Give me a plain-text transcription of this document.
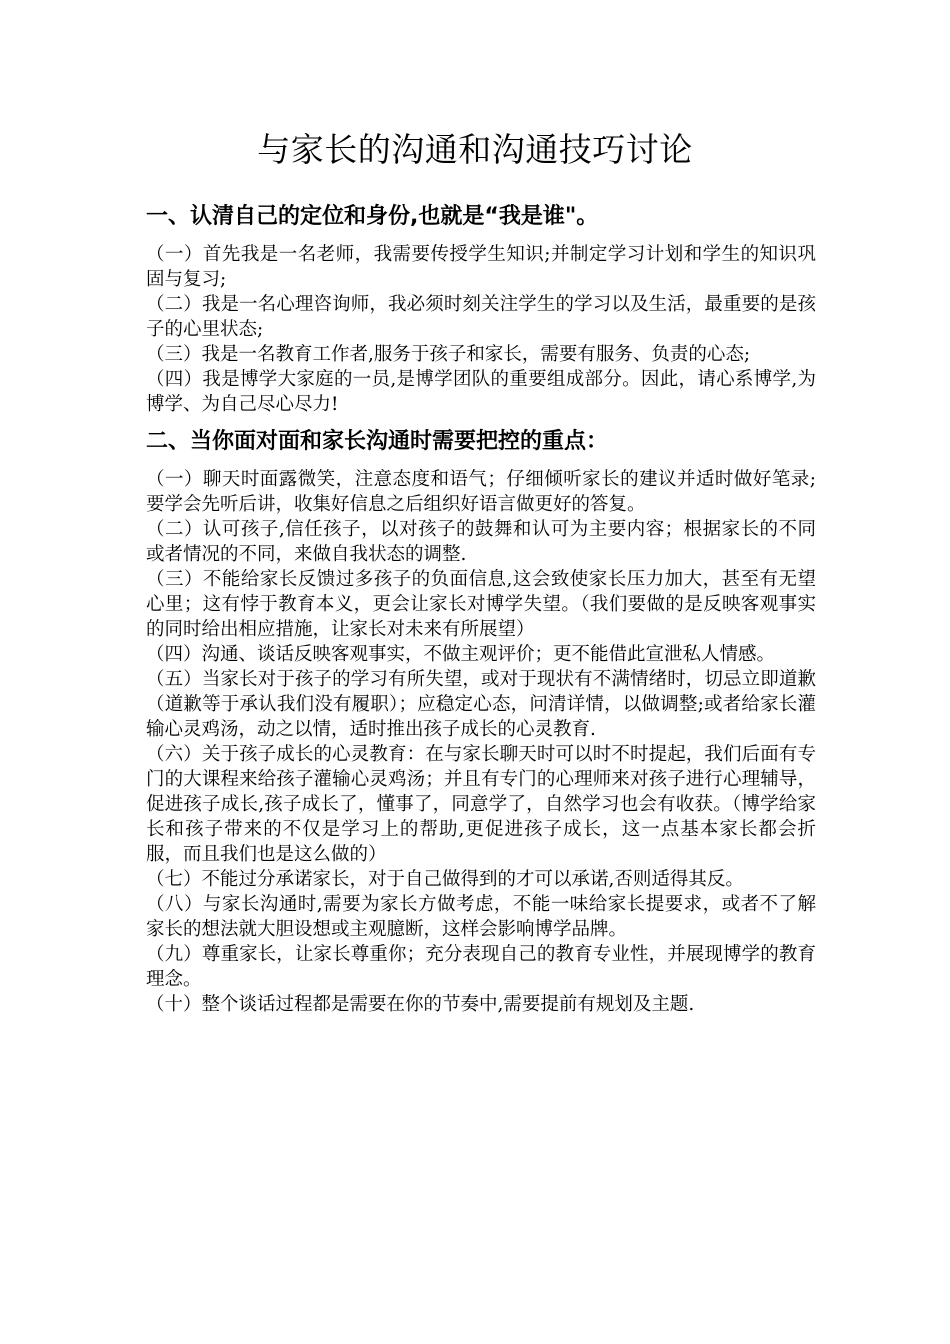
与家长的沟通和沟通技巧讨论
一、认清自己的定位和身份,也就是“我是谁"。

（一）首先我是一名老师，我需要传授学生知识;并制定学习计划和学生的知识巩固与复习;

（二）我是一名心理咨询师，我必须时刻关注学生的学习以及生活，最重要的是孩子的心里状态;

（三）我是一名教育工作者,服务于孩子和家长，需要有服务、负责的心态;

（四）我是博学大家庭的一员,是博学团队的重要组成部分。因此，请心系博学,为博学、为自己尽心尽力!

二、当你面对面和家长沟通时需要把控的重点：

（一）聊天时面露微笑，注意态度和语气；仔细倾听家长的建议并适时做好笔录;要学会先听后讲，收集好信息之后组织好语言做更好的答复。

（二）认可孩子,信任孩子，以对孩子的鼓舞和认可为主要内容；根据家长的不同或者情况的不同，来做自我状态的调整.

（三）不能给家长反馈过多孩子的负面信息,这会致使家长压力加大，甚至有无望心里；这有悖于教育本义，更会让家长对博学失望。（我们要做的是反映客观事实的同时给出相应措施，让家长对未来有所展望）

（四）沟通、谈话反映客观事实，不做主观评价；更不能借此宣泄私人情感。

（五）当家长对于孩子的学习有所失望，或对于现状有不满情绪时，切忌立即道歉（道歉等于承认我们没有履职）；应稳定心态，问清详情，以做调整;或者给家长灌输心灵鸡汤，动之以情，适时推出孩子成长的心灵教育.

（六）关于孩子成长的心灵教育：在与家长聊天时可以时不时提起，我们后面有专门的大课程来给孩子灌输心灵鸡汤；并且有专门的心理师来对孩子进行心理辅导，促进孩子成长,孩子成长了，懂事了，同意学了，自然学习也会有收获。（博学给家长和孩子带来的不仅是学习上的帮助,更促进孩子成长，这一点基本家长都会折服，而且我们也是这么做的）

（七）不能过分承诺家长，对于自己做得到的才可以承诺,否则适得其反。

（八）与家长沟通时,需要为家长方做考虑，不能一味给家长提要求，或者不了解家长的想法就大胆设想或主观臆断，这样会影响博学品牌。

（九）尊重家长，让家长尊重你；充分表现自己的教育专业性，并展现博学的教育理念。

（十）整个谈话过程都是需要在你的节奏中,需要提前有规划及主题.
